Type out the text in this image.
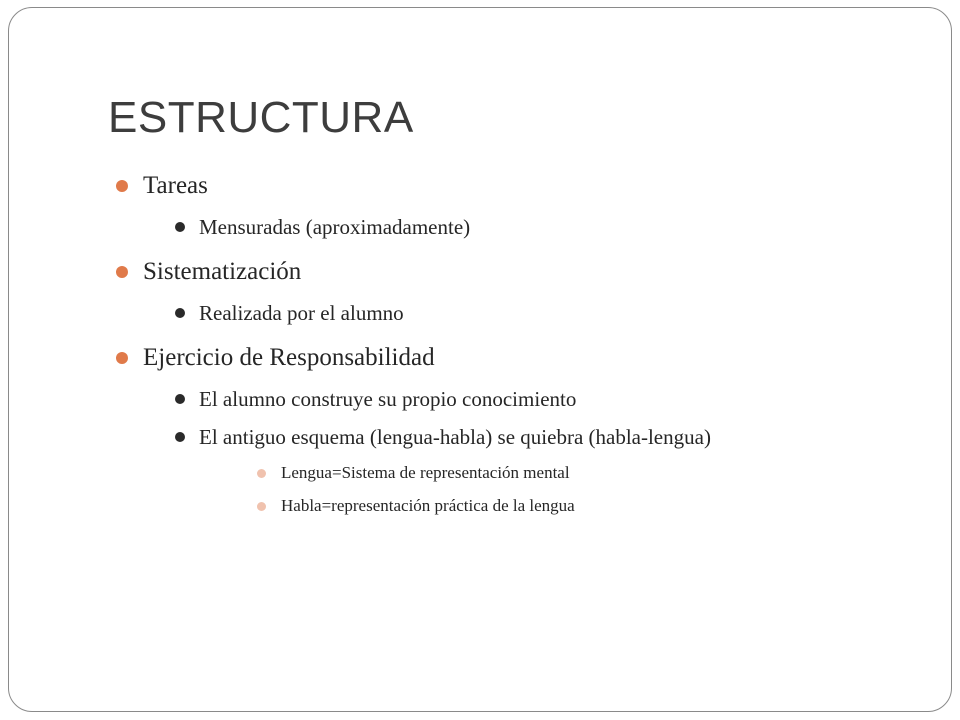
ESTRUCTURA
Tareas
Mensuradas (aproximadamente)
Sistematización
Realizada por el alumno
Ejercicio de Responsabilidad
El alumno construye su propio conocimiento
El antiguo esquema (lengua-habla) se quiebra (habla-lengua)
Lengua=Sistema de representación mental
Habla=representación práctica de la lengua
